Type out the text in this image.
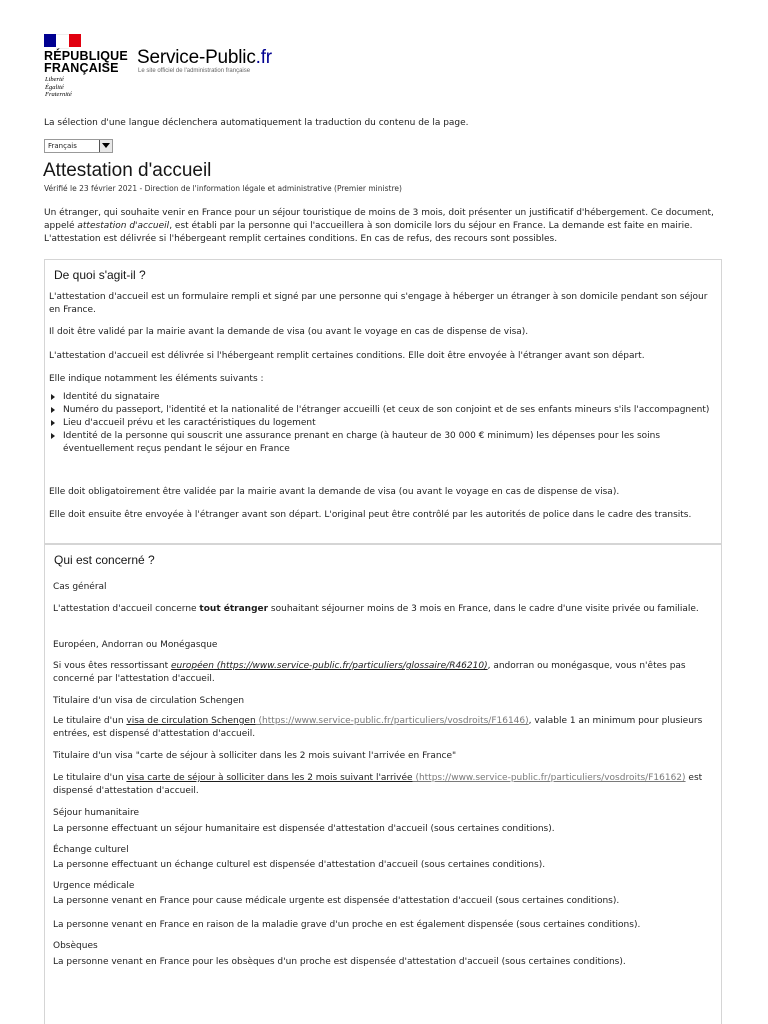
RÉPUBLIQUE
FRANÇAISE
Liberté
Égalité
Fraternité
Service-Public.fr
Le site officiel de l'administration française
La sélection d'une langue déclenchera automatiquement la traduction du contenu de la page.
Français
Attestation d'accueil
Vérifié le 23 février 2021 - Direction de l'information légale et administrative (Premier ministre)

Un étranger, qui souhaite venir en France pour un séjour touristique de moins de 3 mois, doit présenter un justificatif d'hébergement. Ce document, appelé attestation d'accueil, est établi par la personne qui l'accueillera à son domicile lors du séjour en France. La demande est faite en mairie. L'attestation est délivrée si l'hébergeant remplit certaines conditions. En cas de refus, des recours sont possibles.

De quoi s'agit-il ?

L'attestation d'accueil est un formulaire rempli et signé par une personne qui s'engage à héberger un étranger à son domicile pendant son séjour en France.

Il doit être validé par la mairie avant la demande de visa (ou avant le voyage en cas de dispense de visa).

L'attestation d'accueil est délivrée si l'hébergeant remplit certaines conditions. Elle doit être envoyée à l'étranger avant son départ.

Elle indique notamment les éléments suivants :

Identité du signataire
Numéro du passeport, l'identité et la nationalité de l'étranger accueilli (et ceux de son conjoint et de ses enfants mineurs s'ils l'accompagnent)
Lieu d'accueil prévu et les caractéristiques du logement
Identité de la personne qui souscrit une assurance prenant en charge (à hauteur de 30 000 € minimum) les dépenses pour les soins éventuellement reçus pendant le séjour en France

Elle doit obligatoirement être validée par la mairie avant la demande de visa (ou avant le voyage en cas de dispense de visa).

Elle doit ensuite être envoyée à l'étranger avant son départ. L'original peut être contrôlé par les autorités de police dans le cadre des transits.

Qui est concerné ?

Cas général

L'attestation d'accueil concerne tout étranger souhaitant séjourner moins de 3 mois en France, dans le cadre d'une visite privée ou familiale.

Européen, Andorran ou Monégasque

Si vous êtes ressortissant européen (https://www.service-public.fr/particuliers/glossaire/R46210), andorran ou monégasque, vous n'êtes pas concerné par l'attestation d'accueil.

Titulaire d'un visa de circulation Schengen

Le titulaire d'un visa de circulation Schengen (https://www.service-public.fr/particuliers/vosdroits/F16146), valable 1 an minimum pour plusieurs entrées, est dispensé d'attestation d'accueil.

Titulaire d'un visa "carte de séjour à solliciter dans les 2 mois suivant l'arrivée en France"

Le titulaire d'un visa carte de séjour à solliciter dans les 2 mois suivant l'arrivée (https://www.service-public.fr/particuliers/vosdroits/F16162) est dispensé d'attestation d'accueil.

Séjour humanitaire

La personne effectuant un séjour humanitaire est dispensée d'attestation d'accueil (sous certaines conditions).

Échange culturel

La personne effectuant un échange culturel est dispensée d'attestation d'accueil (sous certaines conditions).

Urgence médicale

La personne venant en France pour cause médicale urgente est dispensée d'attestation d'accueil (sous certaines conditions).

La personne venant en France en raison de la maladie grave d'un proche en est également dispensée (sous certaines conditions).

Obsèques

La personne venant en France pour les obsèques d'un proche est dispensée d'attestation d'accueil (sous certaines conditions).
